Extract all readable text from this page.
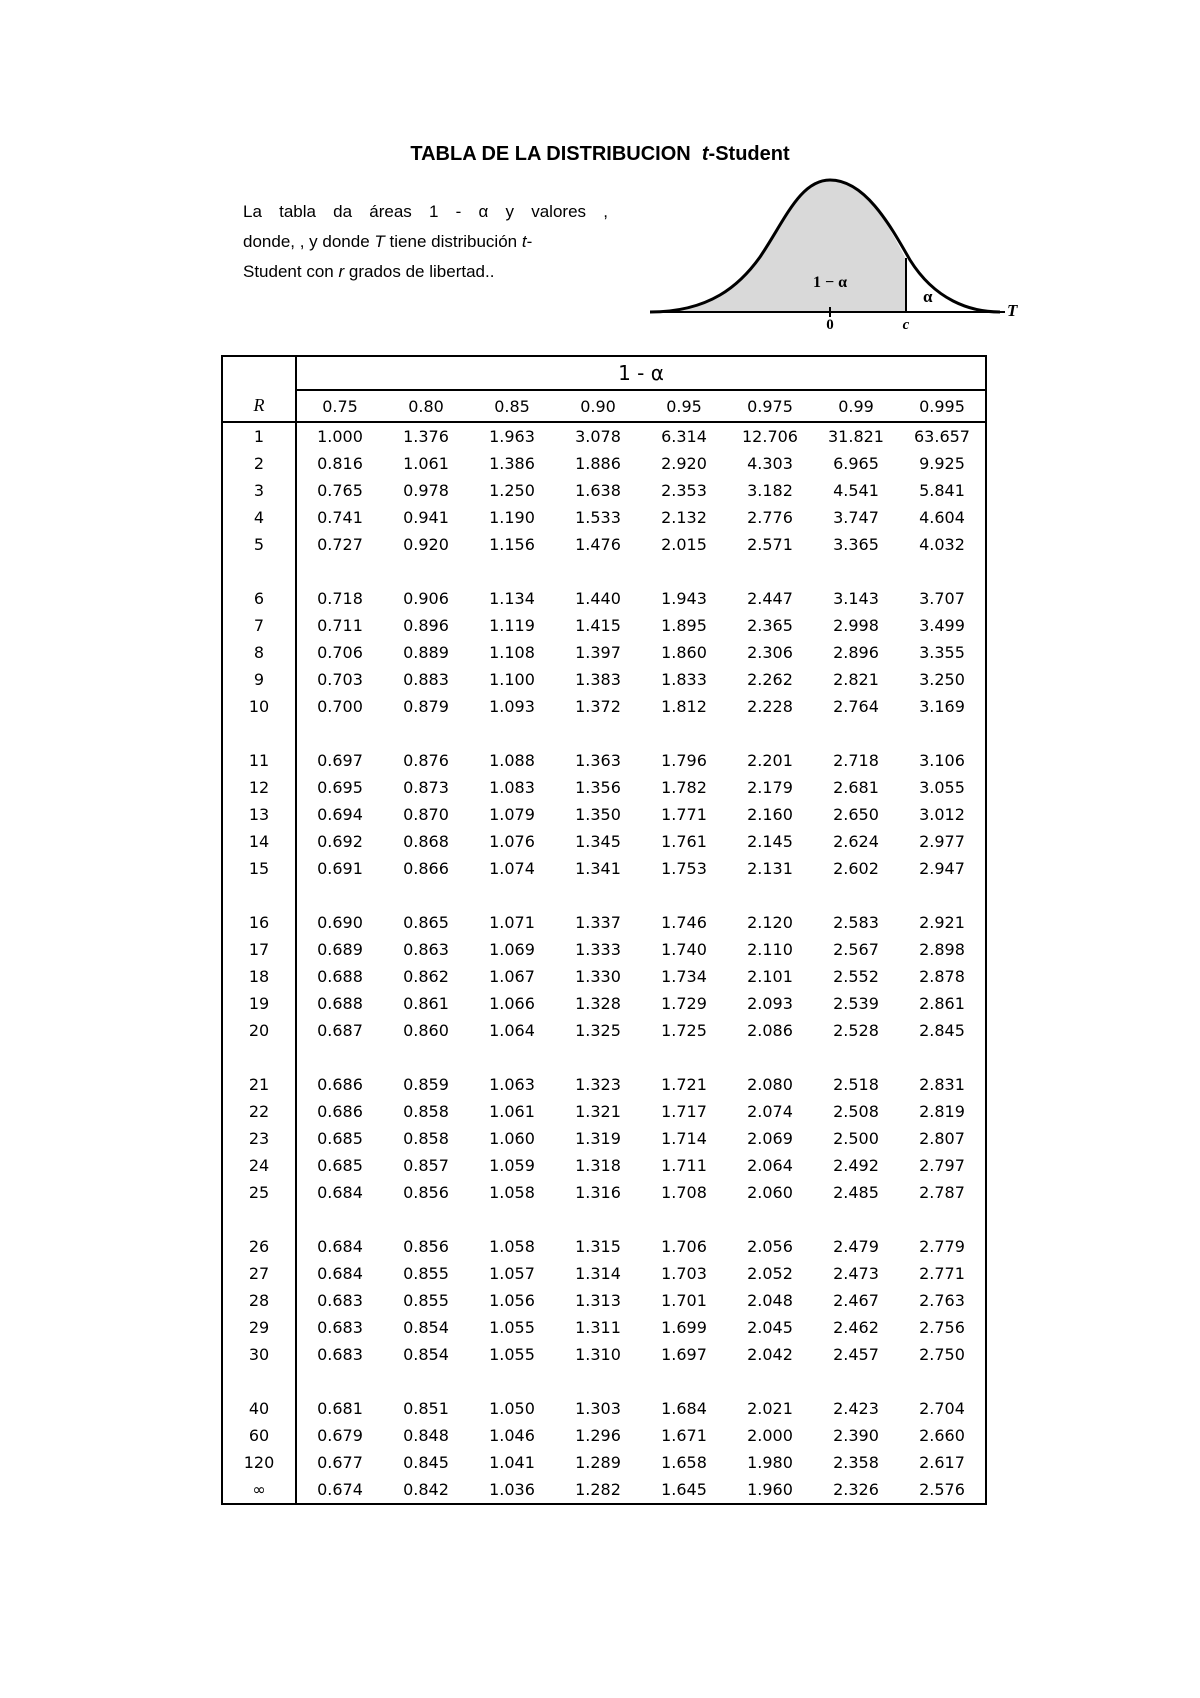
TABLA DE LA DISTRIBUCION t-Student
La tabla da áreas 1 - α y valores ,
donde, , y donde T tiene distribución t-
Student con r grados de libertad..
1 − α
α
0	c
T
	1 - α							
R	0.75	0.80	0.85	0.90	0.95	0.975	0.99	0.995
1	1.000	1.376	1.963	3.078	6.314	12.706	31.821	63.657
2	0.816	1.061	1.386	1.886	2.920	4.303	6.965	9.925
3	0.765	0.978	1.250	1.638	2.353	3.182	4.541	5.841
4	0.741	0.941	1.190	1.533	2.132	2.776	3.747	4.604
5	0.727	0.920	1.156	1.476	2.015	2.571	3.365	4.032
6	0.718	0.906	1.134	1.440	1.943	2.447	3.143	3.707
7	0.711	0.896	1.119	1.415	1.895	2.365	2.998	3.499
8	0.706	0.889	1.108	1.397	1.860	2.306	2.896	3.355
9	0.703	0.883	1.100	1.383	1.833	2.262	2.821	3.250
10	0.700	0.879	1.093	1.372	1.812	2.228	2.764	3.169
11	0.697	0.876	1.088	1.363	1.796	2.201	2.718	3.106
12	0.695	0.873	1.083	1.356	1.782	2.179	2.681	3.055
13	0.694	0.870	1.079	1.350	1.771	2.160	2.650	3.012
14	0.692	0.868	1.076	1.345	1.761	2.145	2.624	2.977
15	0.691	0.866	1.074	1.341	1.753	2.131	2.602	2.947
16	0.690	0.865	1.071	1.337	1.746	2.120	2.583	2.921
17	0.689	0.863	1.069	1.333	1.740	2.110	2.567	2.898
18	0.688	0.862	1.067	1.330	1.734	2.101	2.552	2.878
19	0.688	0.861	1.066	1.328	1.729	2.093	2.539	2.861
20	0.687	0.860	1.064	1.325	1.725	2.086	2.528	2.845
21	0.686	0.859	1.063	1.323	1.721	2.080	2.518	2.831
22	0.686	0.858	1.061	1.321	1.717	2.074	2.508	2.819
23	0.685	0.858	1.060	1.319	1.714	2.069	2.500	2.807
24	0.685	0.857	1.059	1.318	1.711	2.064	2.492	2.797
25	0.684	0.856	1.058	1.316	1.708	2.060	2.485	2.787
26	0.684	0.856	1.058	1.315	1.706	2.056	2.479	2.779
27	0.684	0.855	1.057	1.314	1.703	2.052	2.473	2.771
28	0.683	0.855	1.056	1.313	1.701	2.048	2.467	2.763
29	0.683	0.854	1.055	1.311	1.699	2.045	2.462	2.756
30	0.683	0.854	1.055	1.310	1.697	2.042	2.457	2.750
40	0.681	0.851	1.050	1.303	1.684	2.021	2.423	2.704
60	0.679	0.848	1.046	1.296	1.671	2.000	2.390	2.660
120	0.677	0.845	1.041	1.289	1.658	1.980	2.358	2.617
∞	0.674	0.842	1.036	1.282	1.645	1.960	2.326	2.576
